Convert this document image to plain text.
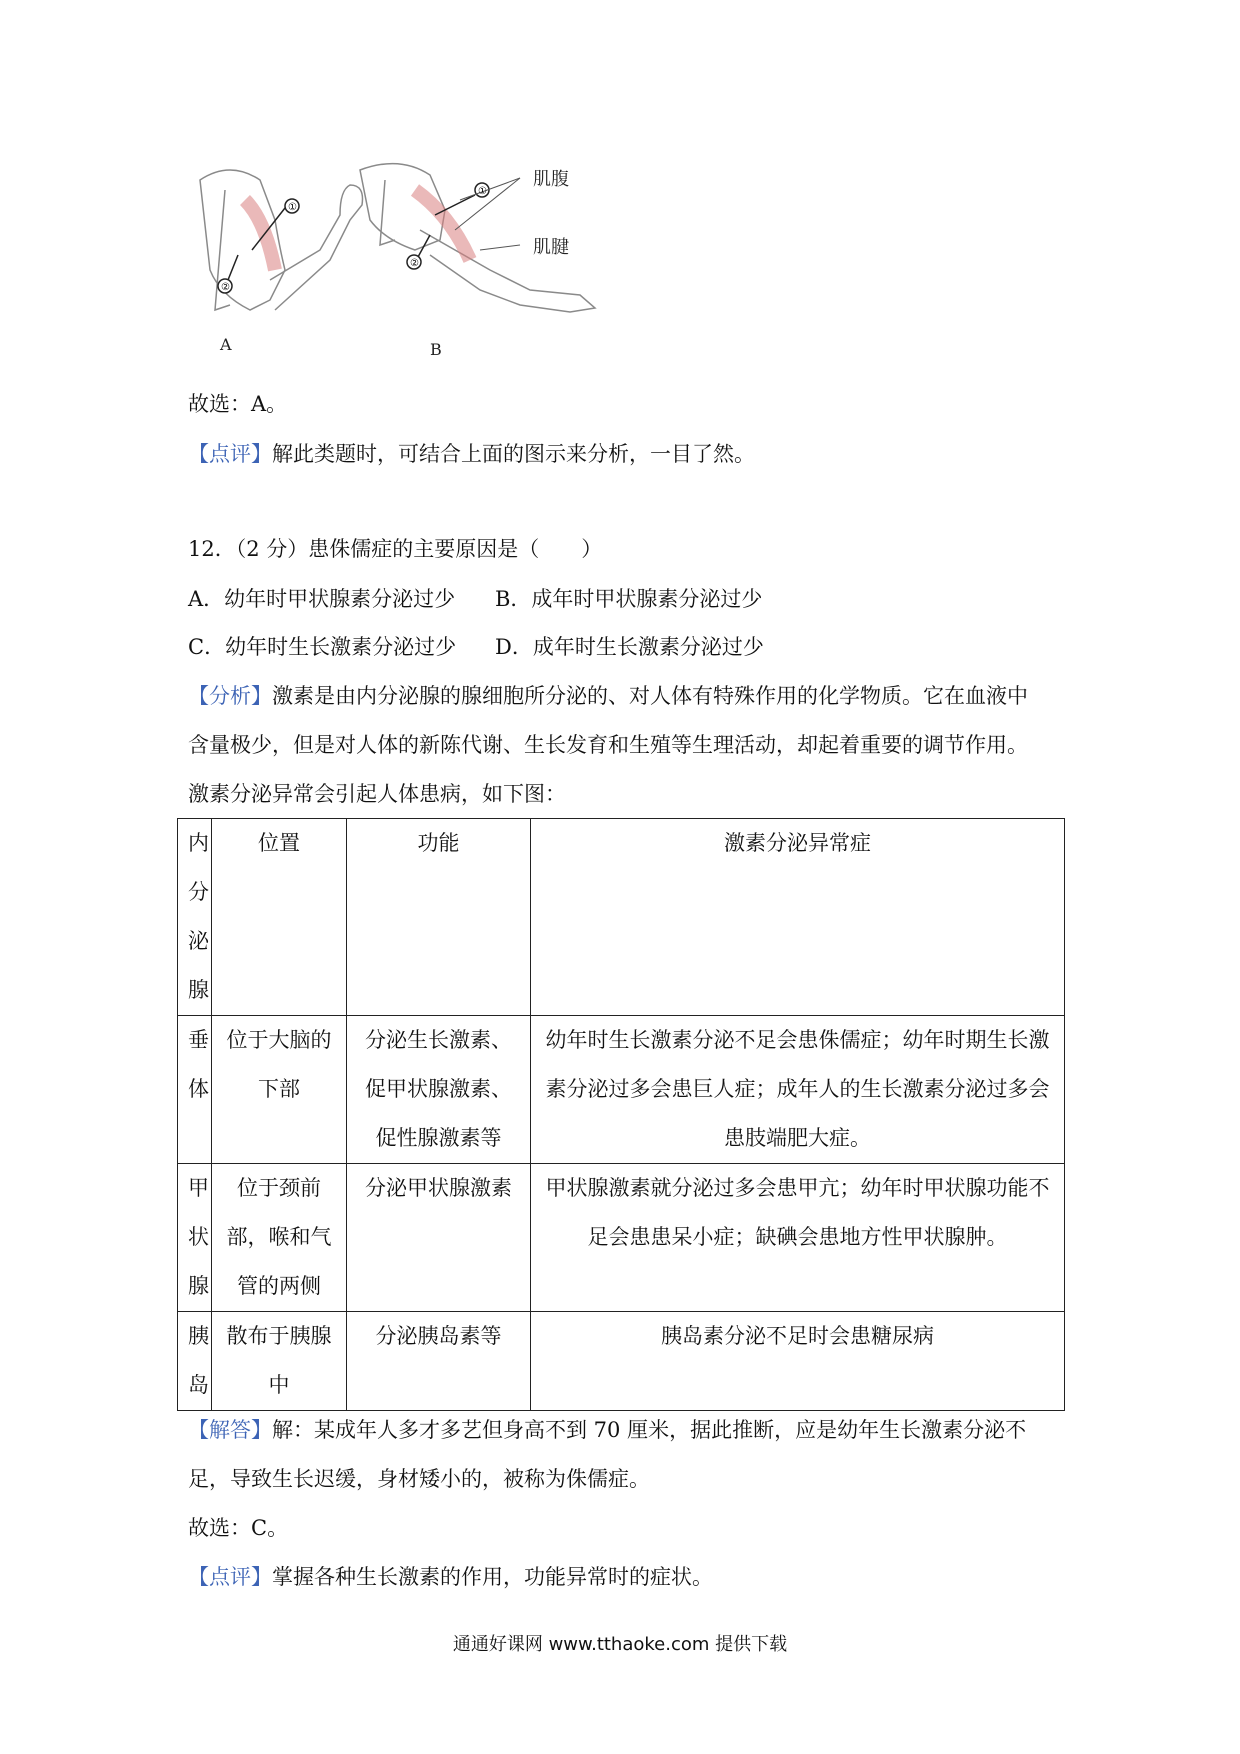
①
②
①
②
肌腹
肌腱
A	B
故选：A。
【点评】解此类题时，可结合上面的图示来分析，一目了然。
12．（2 分）患侏儒症的主要原因是（　　）
A．幼年时甲状腺素分泌过少 B．成年时甲状腺素分泌过少
C．幼年时生长激素分泌过少 D．成年时生长激素分泌过少
【分析】激素是由内分泌腺的腺细胞所分泌的、对人体有特殊作用的化学物质。它在血液中
含量极少，但是对人体的新陈代谢、生长发育和生殖等生理活动，却起着重要的调节作用。
激素分泌异常会引起人体患病，如下图：
内分泌腺	位置	功能	激素分泌异常症
垂体	位于大脑的下部	分泌生长激素、促甲状腺激素、促性腺激素等	幼年时生长激素分泌不足会患侏儒症；幼年时期生长激素分泌过多会患巨人症；成年人的生长激素分泌过多会患肢端肥大症。
甲状腺	位于颈前部，喉和气管的两侧	分泌甲状腺激素	甲状腺激素就分泌过多会患甲亢；幼年时甲状腺功能不足会患患呆小症；缺碘会患地方性甲状腺肿。
胰岛	散布于胰腺中	分泌胰岛素等	胰岛素分泌不足时会患糖尿病
【解答】解：某成年人多才多艺但身高不到 70 厘米，据此推断，应是幼年生长激素分泌不
足，导致生长迟缓，身材矮小的，被称为侏儒症。
故选：C。
【点评】掌握各种生长激素的作用，功能异常时的症状。
通通好课网 www.tthaoke.com 提供下载
